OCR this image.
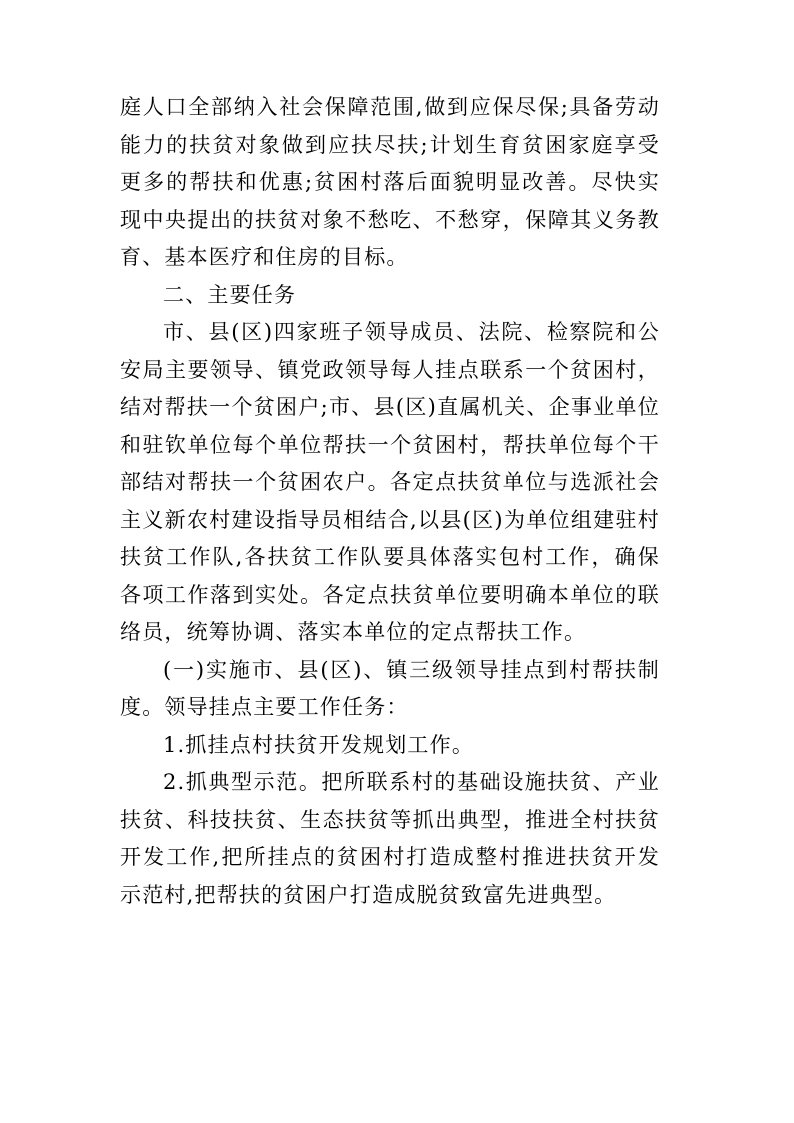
庭人口全部纳入社会保障范围,做到应保尽保;具备劳动能力的扶贫对象做到应扶尽扶;计划生育贫困家庭享受更多的帮扶和优惠;贫困村落后面貌明显改善。尽快实现中央提出的扶贫对象不愁吃、不愁穿，保障其义务教育、基本医疗和住房的目标。

二、主要任务

市、县(区)四家班子领导成员、法院、检察院和公安局主要领导、镇党政领导每人挂点联系一个贫困村，结对帮扶一个贫困户;市、县(区)直属机关、企事业单位和驻钦单位每个单位帮扶一个贫困村，帮扶单位每个干部结对帮扶一个贫困农户。各定点扶贫单位与选派社会主义新农村建设指导员相结合,以县(区)为单位组建驻村扶贫工作队,各扶贫工作队要具体落实包村工作，确保各项工作落到实处。各定点扶贫单位要明确本单位的联络员，统筹协调、落实本单位的定点帮扶工作。

(一)实施市、县(区)、镇三级领导挂点到村帮扶制度。领导挂点主要工作任务：

1.抓挂点村扶贫开发规划工作。

2.抓典型示范。把所联系村的基础设施扶贫、产业扶贫、科技扶贫、生态扶贫等抓出典型，推进全村扶贫开发工作,把所挂点的贫困村打造成整村推进扶贫开发示范村,把帮扶的贫困户打造成脱贫致富先进典型。
